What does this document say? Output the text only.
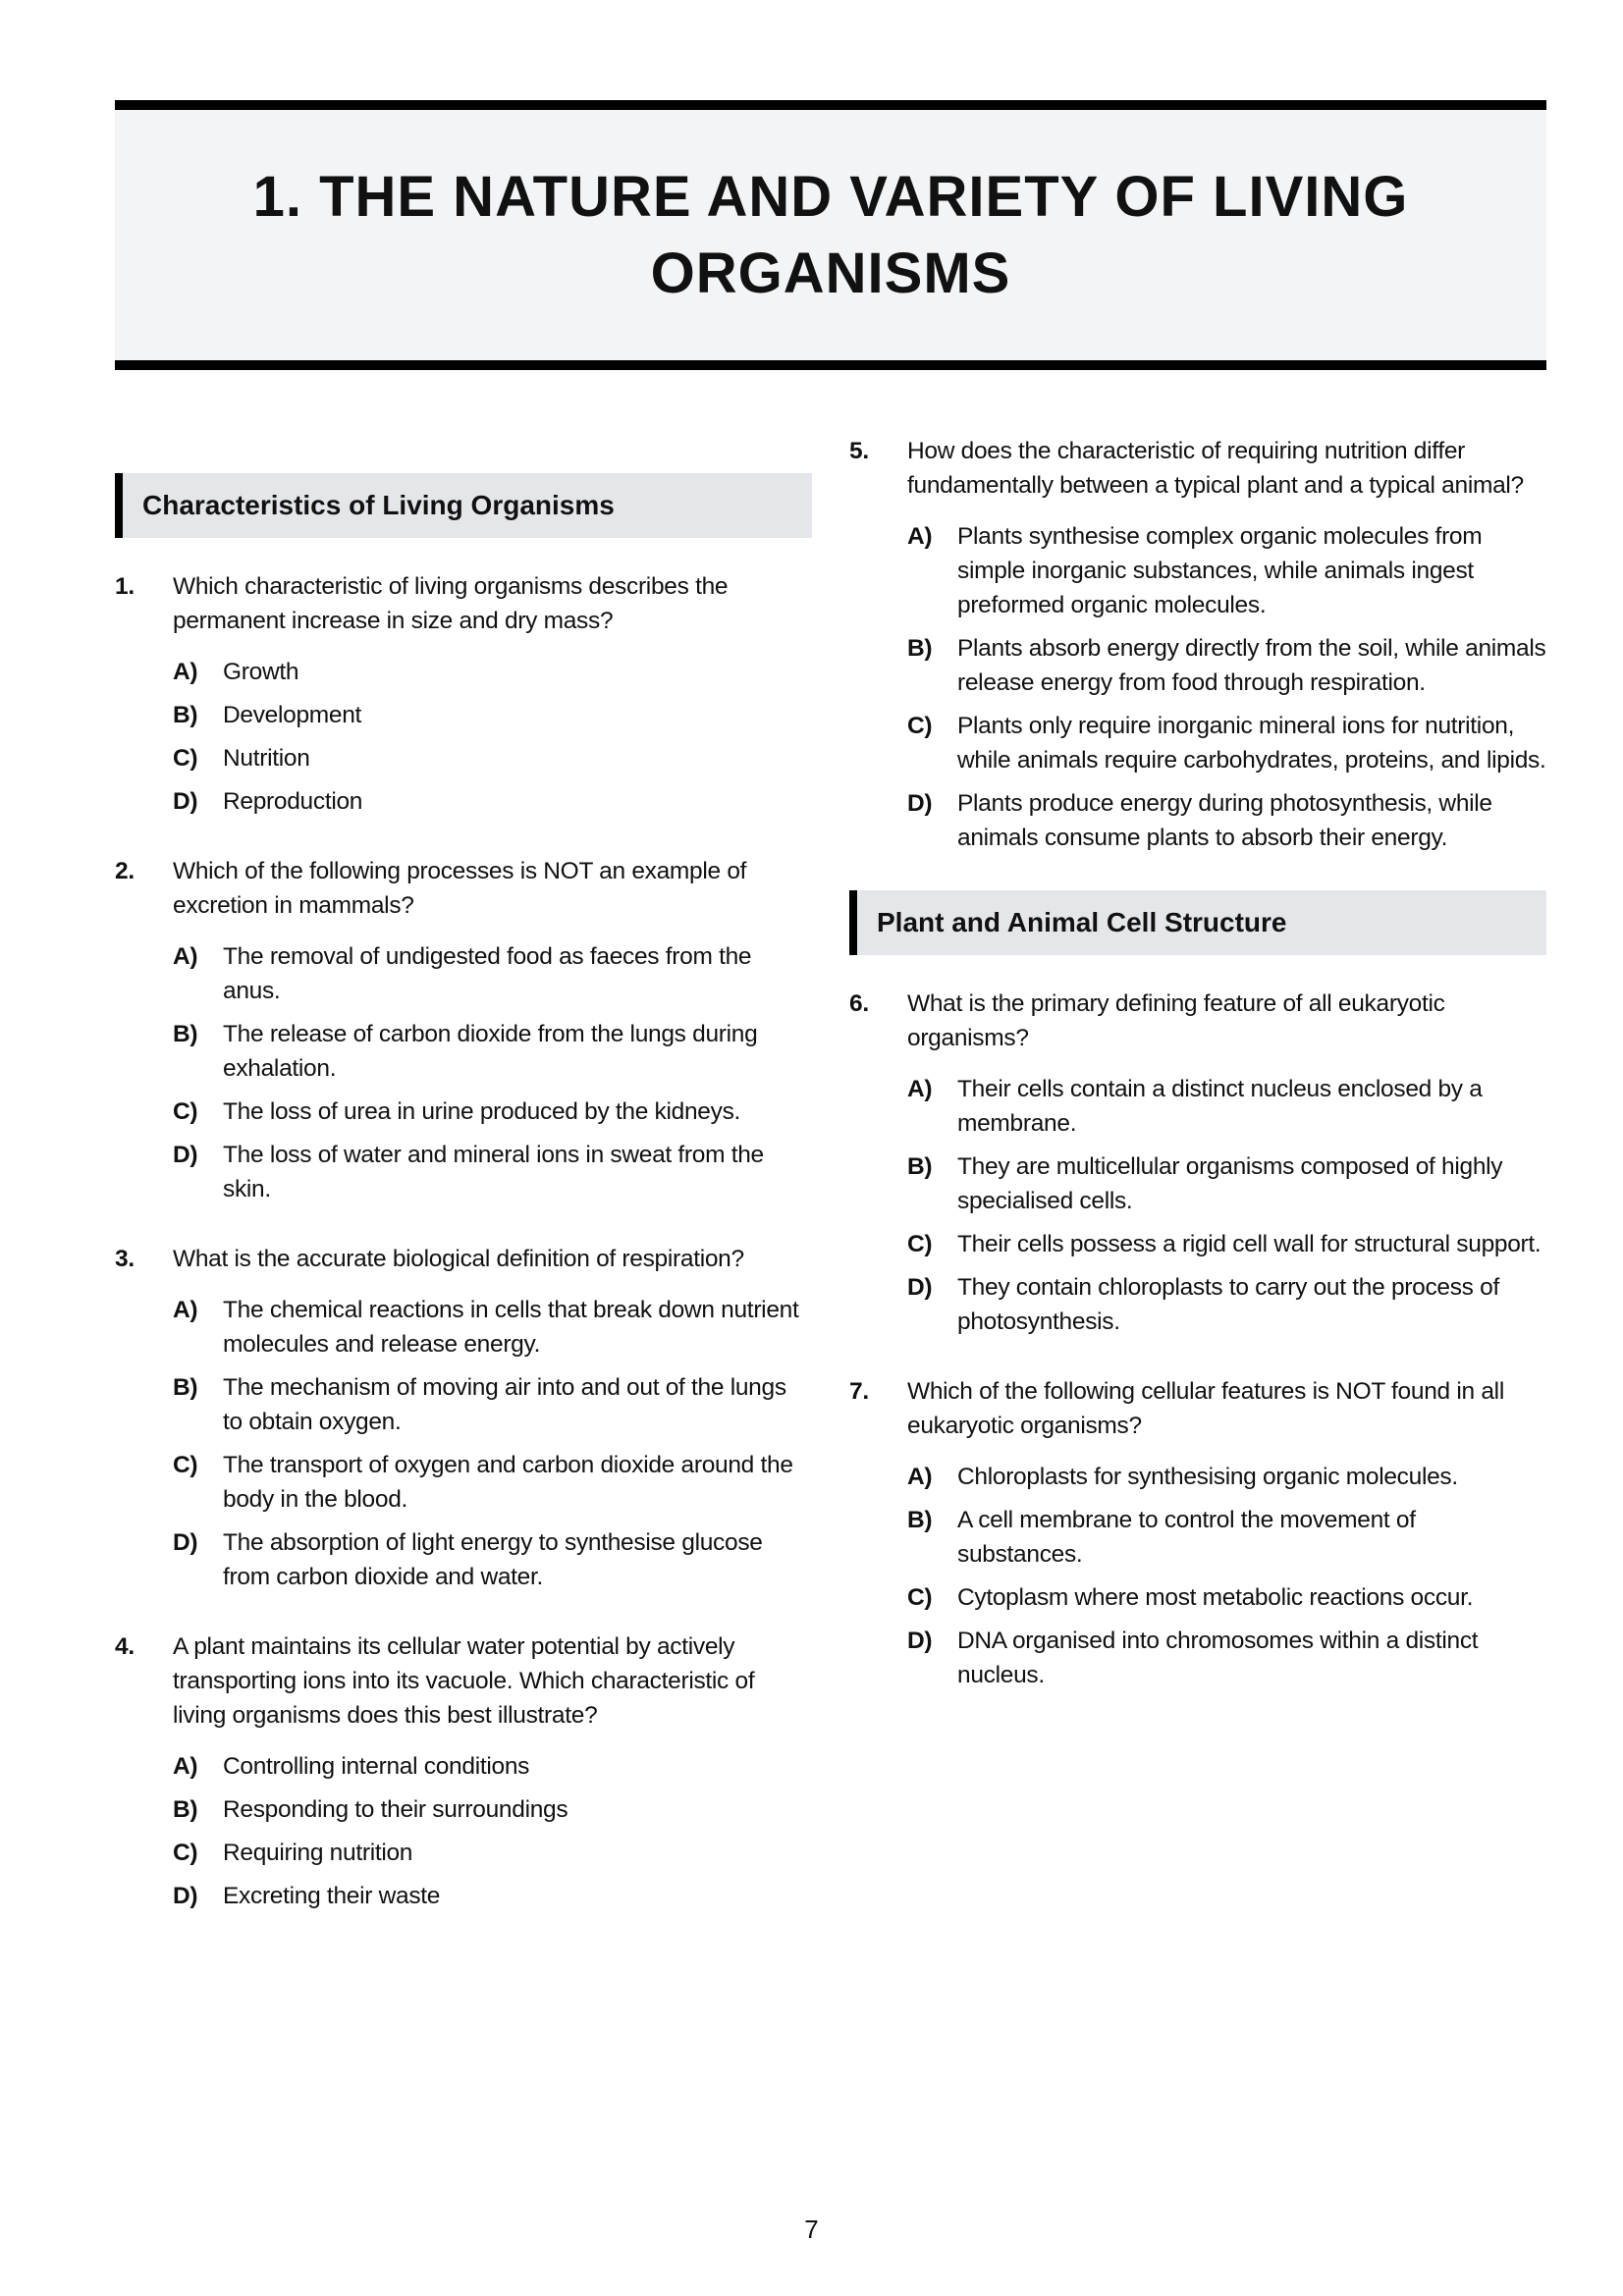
1. THE NATURE AND VARIETY OF LIVING ORGANISMS
Characteristics of Living Organisms
1.	Which characteristic of living organisms describes the permanent increase in size and dry mass?
A)	Growth
B)	Development
C)	Nutrition
D)	Reproduction
2.	Which of the following processes is NOT an example of excretion in mammals?
A)	The removal of undigested food as faeces from the anus.
B)	The release of carbon dioxide from the lungs during exhalation.
C)	The loss of urea in urine produced by the kidneys.
D)	The loss of water and mineral ions in sweat from the skin.
3.	What is the accurate biological definition of respiration?
A)	The chemical reactions in cells that break down nutrient molecules and release energy.
B)	The mechanism of moving air into and out of the lungs to obtain oxygen.
C)	The transport of oxygen and carbon dioxide around the body in the blood.
D)	The absorption of light energy to synthesise glucose from carbon dioxide and water.
4.	A plant maintains its cellular water potential by actively transporting ions into its vacuole. Which characteristic of living organisms does this best illustrate?
A)	Controlling internal conditions
B)	Responding to their surroundings
C)	Requiring nutrition
D)	Excreting their waste
5.	How does the characteristic of requiring nutrition differ fundamentally between a typical plant and a typical animal?
A)	Plants synthesise complex organic molecules from simple inorganic substances, while animals ingest preformed organic molecules.
B)	Plants absorb energy directly from the soil, while animals release energy from food through respiration.
C)	Plants only require inorganic mineral ions for nutrition, while animals require carbohydrates, proteins, and lipids.
D)	Plants produce energy during photosynthesis, while animals consume plants to absorb their energy.
Plant and Animal Cell Structure
6.	What is the primary defining feature of all eukaryotic organisms?
A)	Their cells contain a distinct nucleus enclosed by a membrane.
B)	They are multicellular organisms composed of highly specialised cells.
C)	Their cells possess a rigid cell wall for structural support.
D)	They contain chloroplasts to carry out the process of photosynthesis.
7.	Which of the following cellular features is NOT found in all eukaryotic organisms?
A)	Chloroplasts for synthesising organic molecules.
B)	A cell membrane to control the movement of substances.
C)	Cytoplasm where most metabolic reactions occur.
D)	DNA organised into chromosomes within a distinct nucleus.
7
